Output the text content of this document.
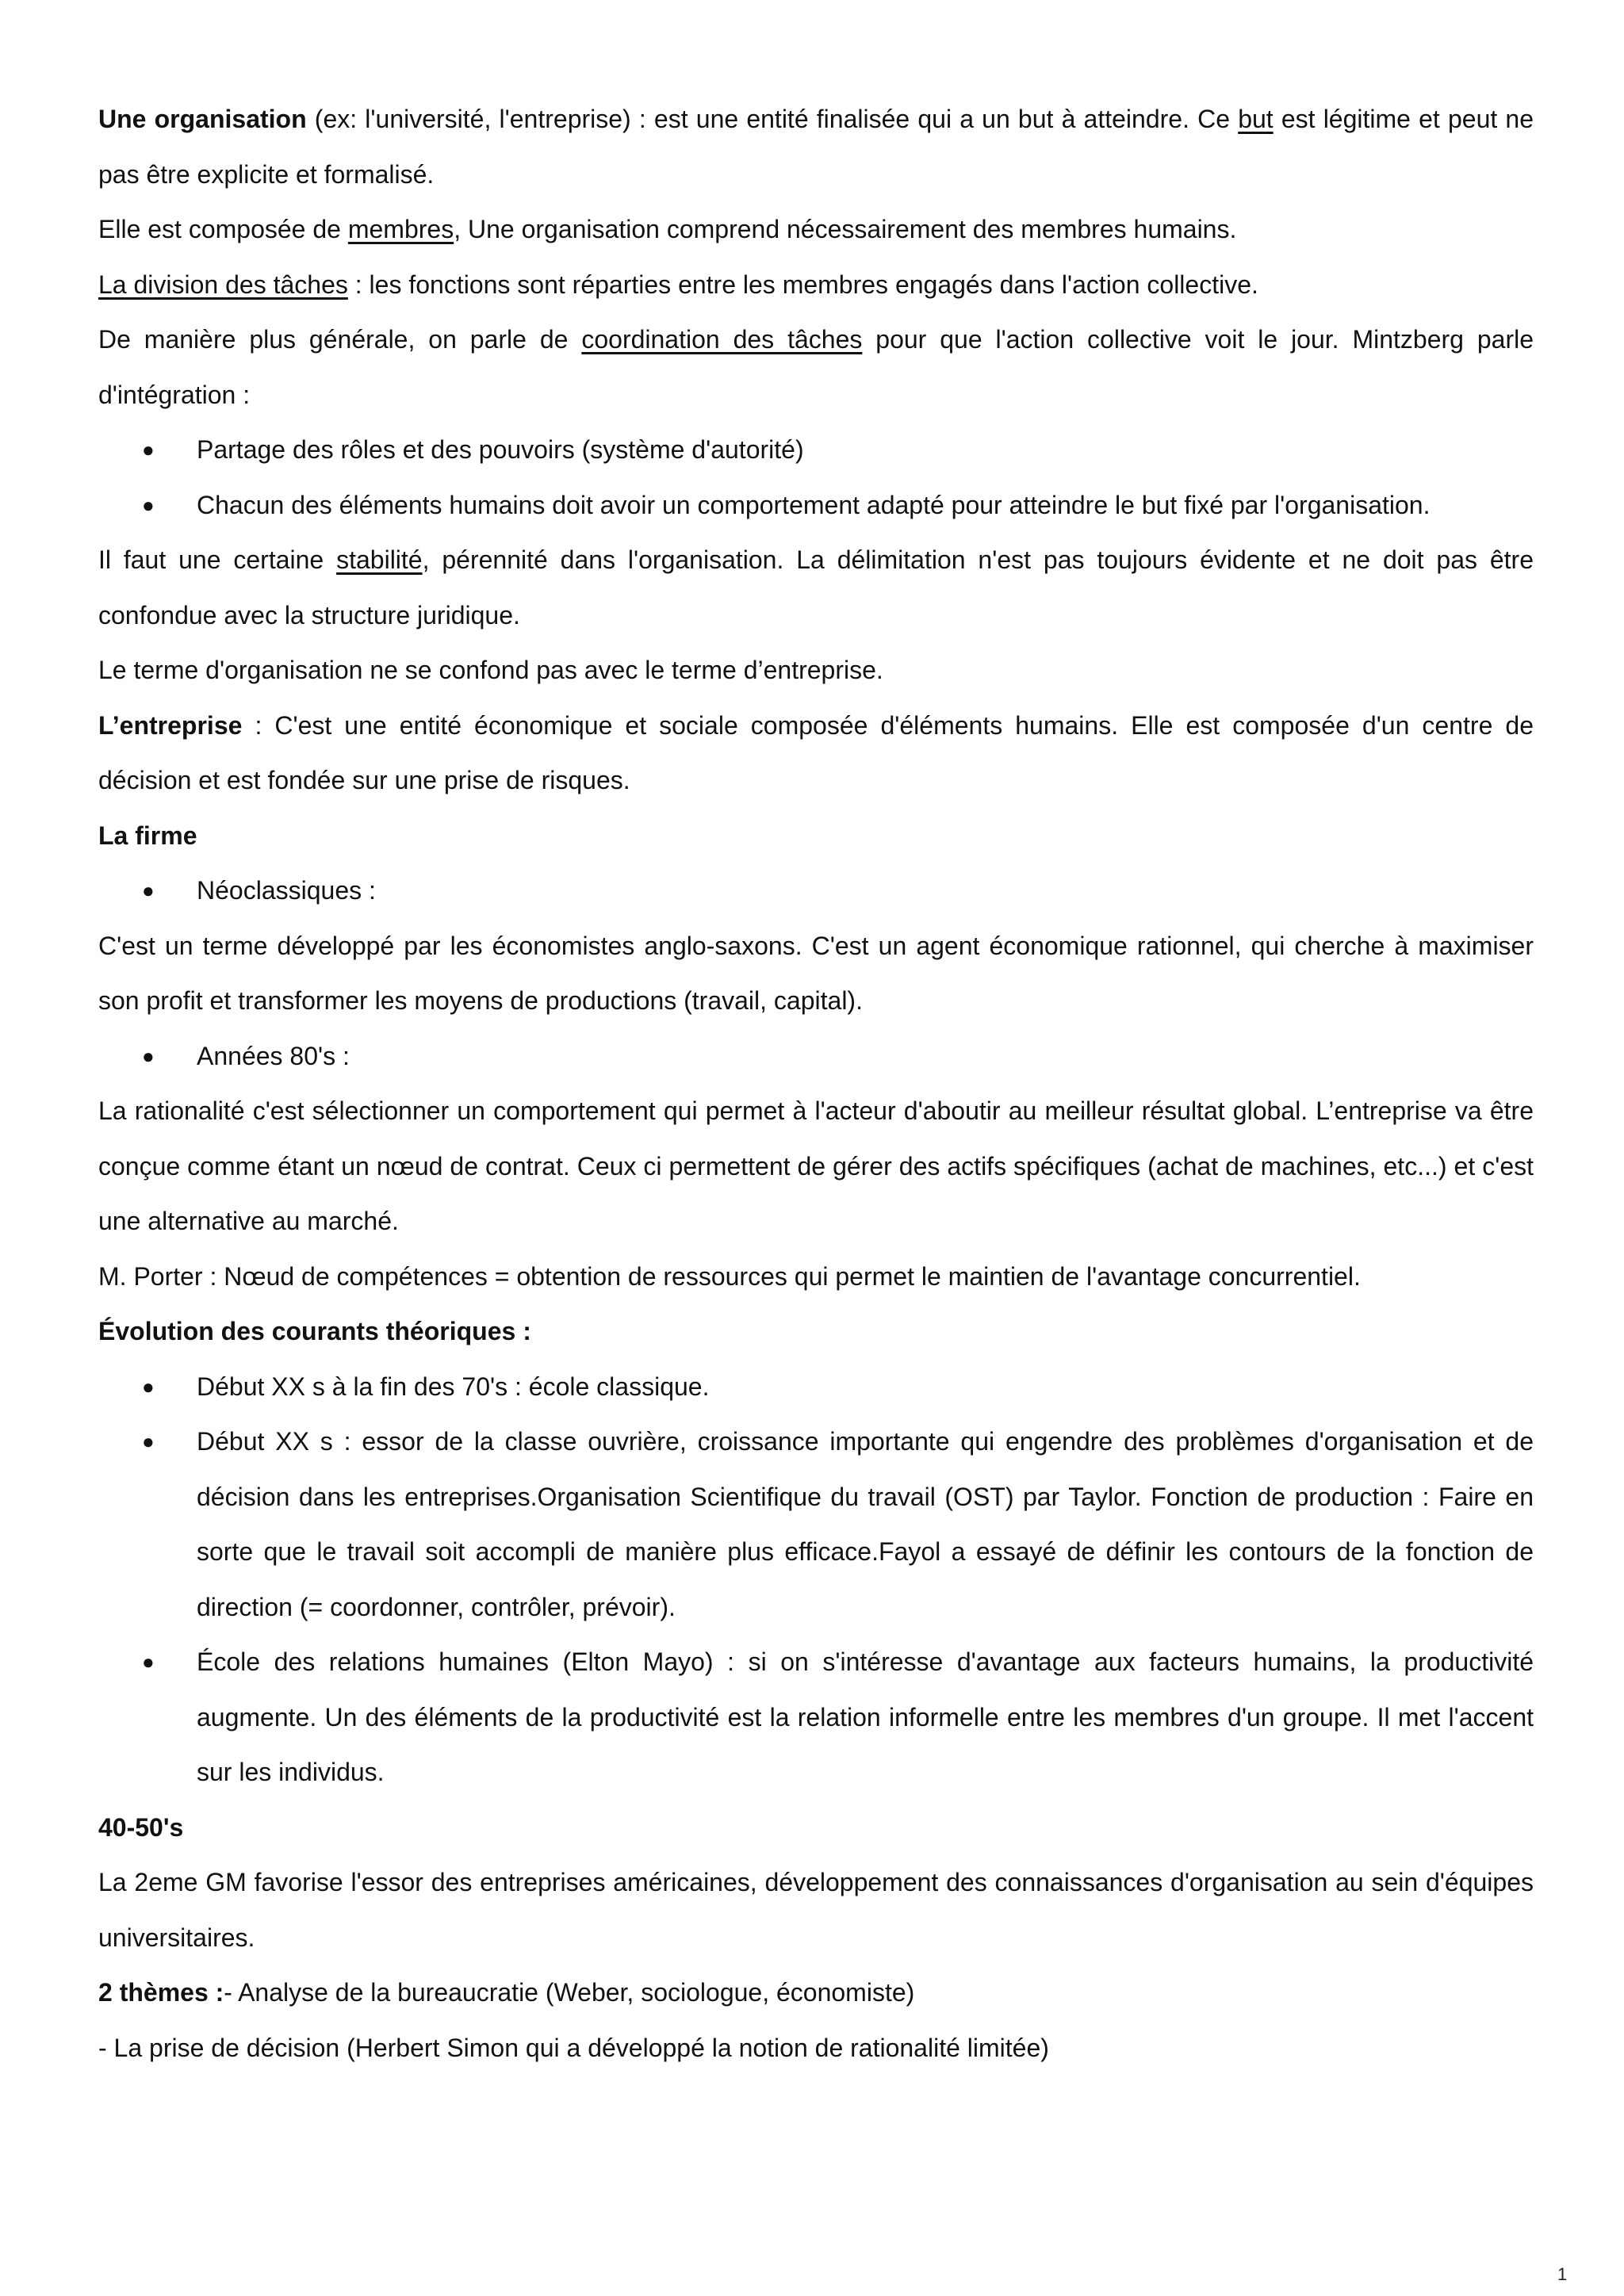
Une organisation (ex: l'université, l'entreprise) : est une entité finalisée qui a un but à atteindre. Ce but est légitime et peut ne pas être explicite et formalisé.

Elle est composée de membres, Une organisation comprend nécessairement des membres humains.

La division des tâches : les fonctions sont réparties entre les membres engagés dans l'action collective.

De manière plus générale, on parle de coordination des tâches pour que l'action collective voit le jour. Mintzberg parle d'intégration :

● Partage des rôles et des pouvoirs (système d'autorité)

● Chacun des éléments humains doit avoir un comportement adapté pour atteindre le but fixé par l'organisation.

Il faut une certaine stabilité, pérennité dans l'organisation. La délimitation n'est pas toujours évidente et ne doit pas être confondue avec la structure juridique.

Le terme d'organisation ne se confond pas avec le terme d’entreprise.

L’entreprise : C'est une entité économique et sociale composée d'éléments humains. Elle est composée d'un centre de décision et est fondée sur une prise de risques.

La firme

● Néoclassiques :

C'est un terme développé par les économistes anglo-saxons. C'est un agent économique rationnel, qui cherche à maximiser son profit et transformer les moyens de productions (travail, capital).

● Années 80's :

La rationalité c'est sélectionner un comportement qui permet à l'acteur d'aboutir au meilleur résultat global. L’entreprise va être conçue comme étant un nœud de contrat. Ceux ci permettent de gérer des actifs spécifiques (achat de machines, etc...) et c'est une alternative au marché.

M. Porter : Nœud de compétences = obtention de ressources qui permet le maintien de l'avantage concurrentiel.

Évolution des courants théoriques :

● Début XX s à la fin des 70's : école classique.

● Début XX s : essor de la classe ouvrière, croissance importante qui engendre des problèmes d'organisation et de décision dans les entreprises.Organisation Scientifique du travail (OST) par Taylor. Fonction de production : Faire en sorte que le travail soit accompli de manière plus efficace.Fayol a essayé de définir les contours de la fonction de direction (= coordonner, contrôler, prévoir).

● École des relations humaines (Elton Mayo) : si on s'intéresse d'avantage aux facteurs humains, la productivité augmente. Un des éléments de la productivité est la relation informelle entre les membres d'un groupe. Il met l'accent sur les individus.

40-50's

La 2eme GM favorise l'essor des entreprises américaines, développement des connaissances d'organisation au sein d'équipes universitaires.

2 thèmes :- Analyse de la bureaucratie (Weber, sociologue, économiste)

- La prise de décision (Herbert Simon qui a développé la notion de rationalité limitée)

1
